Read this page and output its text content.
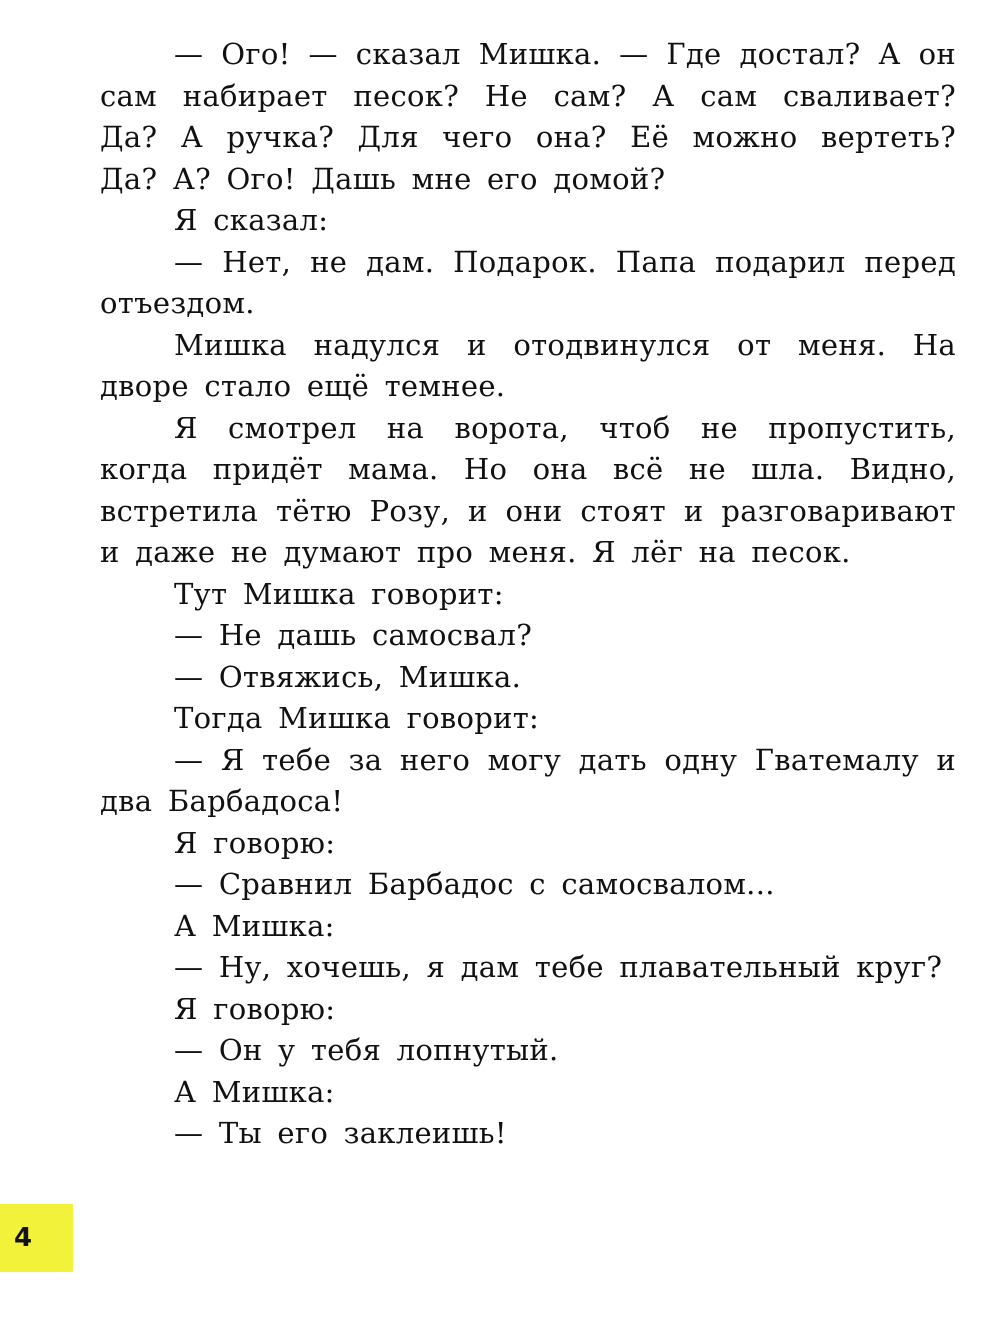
— Ого! — сказал Мишка. — Где достал? А он сам набирает песок? Не сам? А сам сваливает? Да? А ручка? Для чего она? Её можно вертеть? Да? А? Ого! Дашь мне его домой?

Я сказал:

— Нет, не дам. Подарок. Папа подарил перед отъездом.

Мишка надулся и отодвинулся от меня. На дворе стало ещё темнее.

Я смотрел на ворота, чтоб не пропустить, когда придёт мама. Но она всё не шла. Видно, встретила тётю Розу, и они стоят и разговаривают и даже не думают про меня. Я лёг на песок.

Тут Мишка говорит:

— Не дашь самосвал?

— Отвяжись, Мишка.

Тогда Мишка говорит:

— Я тебе за него могу дать одну Гватемалу и два Барбадоса!

Я говорю:

— Сравнил Барбадос с самосвалом...

А Мишка:

— Ну, хочешь, я дам тебе плавательный круг?

Я говорю:

— Он у тебя лопнутый.

А Мишка:

— Ты его заклеишь!

4
